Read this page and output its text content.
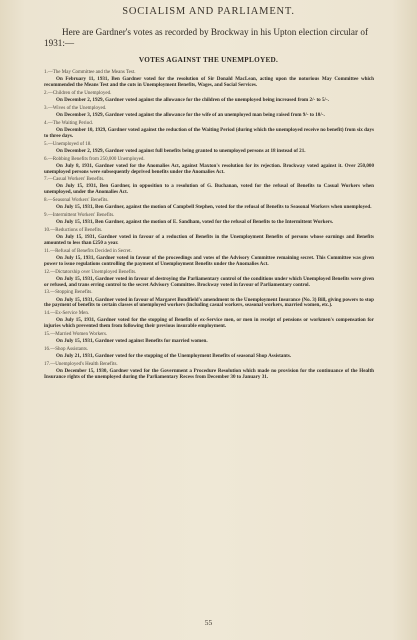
SOCIALISM AND PARLIAMENT.
Here are Gardner's votes as recorded by Brockway in his Upton election circular of 1931:—
VOTES AGAINST THE UNEMPLOYED.
1.—The May Committee and the Means Test.
On February 11, 1931, Ben Gardner voted for the resolution of Sir Donald MacLean, acting upon the notorious May Committee which recommended the Means Test and the cuts in Unemployment Benefits, Wages, and Social Services.
2.—Children of the Unemployed.
On December 2, 1929, Gardner voted against the allowance for the children of the unemployed being increased from 2/- to 5/-.
3.—Wives of the Unemployed.
On December 3, 1929, Gardner voted against the allowance for the wife of an unemployed man being raised from 9/- to 10/-.
4.—The Waiting Period.
On December 10, 1929, Gardner voted against the reduction of the Waiting Period (during which the unemployed receive no benefit) from six days to three days.
5.—Unemployed of 18.
On December 2, 1929, Gardner voted against full benefits being granted to unemployed persons at 18 instead of 21.
6.—Robbing Benefits from 250,000 Unemployed.
On July 8, 1931, Gardner voted for the Anomalies Act, against Maxton's resolution for its rejection. Brockway voted against it. Over 250,000 unemployed persons were subsequently deprived benefits under the Anomalies Act.
7.—Casual Workers' Benefits.
On July 15, 1931, Ben Gardner, in opposition to a resolution of G. Buchanan, voted for the refusal of Benefits to Casual Workers when unemployed, under the Anomalies Act.
8.—Seasonal Workers' Benefits.
On July 15, 1931, Ben Gardner, against the motion of Campbell Stephen, voted for the refusal of Benefits to Seasonal Workers when unemployed.
9.—Intermittent Workers' Benefits.
On July 15, 1931, Ben Gardner, against the motion of E. Sandham, voted for the refusal of Benefits to the Intermittent Workers.
10.—Reductions of Benefits.
On July 15, 1931, Gardner voted in favour of a reduction of Benefits in the Unemployment Benefits of persons whose earnings and Benefits amounted to less than £250 a year.
11.—Refusal of Benefits Decided in Secret.
On July 15, 1931, Gardner voted in favour of the proceedings and votes of the Advisory Committee remaining secret. This Committee was given power to issue regulations controlling the payment of Unemployment Benefits under the Anomalies Act.
12.—Dictatorship over Unemployed Benefits.
On July 15, 1931, Gardner voted in favour of destroying the Parliamentary control of the conditions under which Unemployed Benefits were given or refused, and trans erring control to the secret Advisory Committee. Brockway voted in favour of Parliamentary control.
13.—Stopping Benefits.
On July 15, 1931, Gardner voted in favour of Margaret Bondfield's amendment to the Unemployment Insurance (No. 3) Bill, giving powers to stop the payment of benefits to certain classes of unemployed workers (including casual workers, seasonal workers, married women, etc.).
14.—Ex-Service Men.
On July 15, 1931, Gardner voted for the stopping of Benefits of ex-Service men, or men in receipt of pensions or workmen's compensation for injuries which prevented them from following their previous insurable employment.
15.—Married Women Workers.
On July 15, 1931, Gardner voted against Benefits for married women.
16.—Shop Assistants.
On July 21, 1931, Gardner voted for the stopping of the Unemployment Benefits of seasonal Shop Assistants.
17.—Unemployed's Health Benefits.
On December 15, 1930, Gardner voted for the Government a Procedure Resolution which made no provision for the continuance of the Health Insurance rights of the unemployed during the Parliamentary Recess from December 30 to January 31.
55
